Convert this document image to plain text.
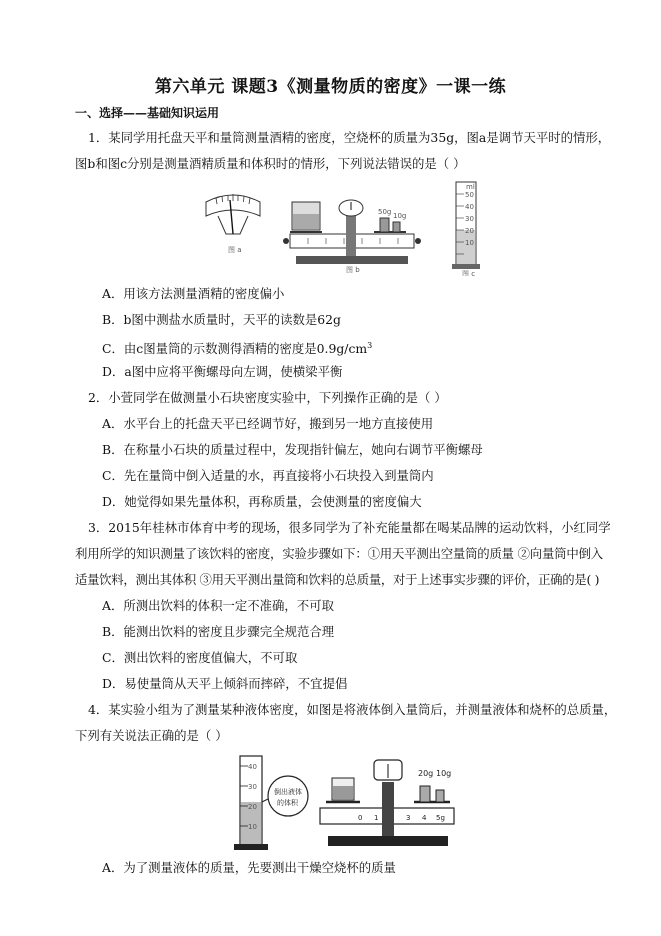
第六单元 课题3《测量物质的密度》一课一练
一、选择——基础知识运用
1．某同学用托盘天平和量筒测量酒精的密度，空烧杯的质量为35g，图a是调节天平时的情形，
图b和图c分别是测量酒精质量和体积时的情形，下列说法错误的是（ ）
图 a
50g 10g
图 b
ml
50
40
30
20
10
图 c
A．用该方法测量酒精的密度偏小
B．b图中测盐水质量时，天平的读数是62g
C．由c图量筒的示数测得酒精的密度是$0.9g/cm^3$
D．a图中应将平衡螺母向左调，使横梁平衡
2．小萱同学在做测量小石块密度实验中，下列操作正确的是（ ）
A．水平台上的托盘天平已经调节好，搬到另一地方直接使用
B．在称量小石块的质量过程中，发现指针偏左，她向右调节平衡螺母
C．先在量筒中倒入适量的水，再直接将小石块投入到量筒内
D．她觉得如果先量体积，再称质量，会使测量的密度偏大
3．2015年桂林市体育中考的现场，很多同学为了补充能量都在喝某品牌的运动饮料，小红同学
利用所学的知识测量了该饮料的密度，实验步骤如下：①用天平测出空量筒的质量 ②向量筒中倒入
适量饮料，测出其体积 ③用天平测出量筒和饮料的总质量，对于上述事实步骤的评价，正确的是( )
A．所测出饮料的体积一定不准确，不可取
B．能测出饮料的密度且步骤完全规范合理
C．测出饮料的密度值偏大，不可取
D．易使量筒从天平上倾斜而摔碎，不宜提倡
4．某实验小组为了测量某种液体密度，如图是将液体倒入量筒后，并测量液体和烧杯的总质量，
下列有关说法正确的是（ ）
40
30
20
10
倒出液体
的体积
0 1	3 4 5g
20g 10g
A．为了测量液体的质量，先要测出干燥空烧杯的质量
